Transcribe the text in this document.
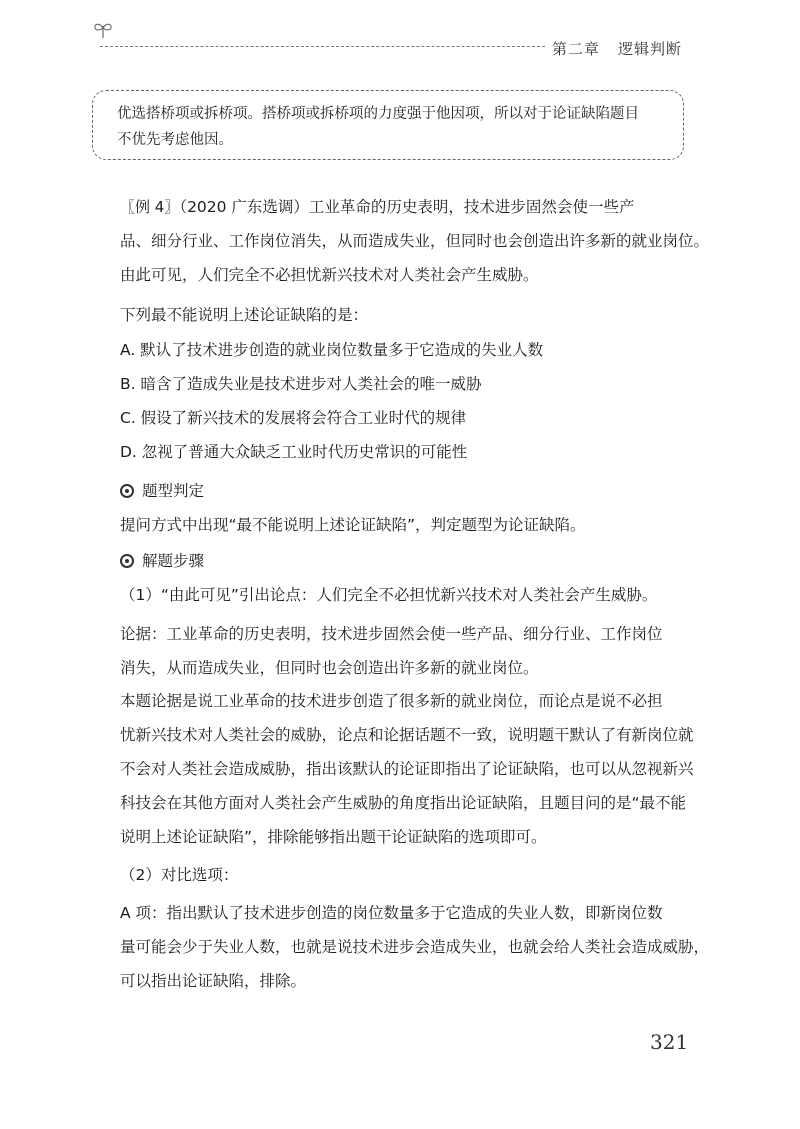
第二章 逻辑判断
优选搭桥项或拆桥项。搭桥项或拆桥项的力度强于他因项，所以对于论证缺陷题目
不优先考虑他因。
〖例 4〗（2020 广东选调）工业革命的历史表明，技术进步固然会使一些产
品、细分行业、工作岗位消失，从而造成失业，但同时也会创造出许多新的就业岗位。
由此可见，人们完全不必担忧新兴技术对人类社会产生威胁。
下列最不能说明上述论证缺陷的是：
A. 默认了技术进步创造的就业岗位数量多于它造成的失业人数
B. 暗含了造成失业是技术进步对人类社会的唯一威胁
C. 假设了新兴技术的发展将会符合工业时代的规律
D. 忽视了普通大众缺乏工业时代历史常识的可能性
题型判定
提问方式中出现“最不能说明上述论证缺陷”，判定题型为论证缺陷。
解题步骤
（1）“由此可见”引出论点：人们完全不必担忧新兴技术对人类社会产生威胁。
论据：工业革命的历史表明，技术进步固然会使一些产品、细分行业、工作岗位
消失，从而造成失业，但同时也会创造出许多新的就业岗位。
本题论据是说工业革命的技术进步创造了很多新的就业岗位，而论点是说不必担
忧新兴技术对人类社会的威胁，论点和论据话题不一致，说明题干默认了有新岗位就
不会对人类社会造成威胁，指出该默认的论证即指出了论证缺陷，也可以从忽视新兴
科技会在其他方面对人类社会产生威胁的角度指出论证缺陷，且题目问的是“最不能
说明上述论证缺陷”，排除能够指出题干论证缺陷的选项即可。
（2）对比选项：
A 项：指出默认了技术进步创造的岗位数量多于它造成的失业人数，即新岗位数
量可能会少于失业人数，也就是说技术进步会造成失业，也就会给人类社会造成威胁，
可以指出论证缺陷，排除。
321
